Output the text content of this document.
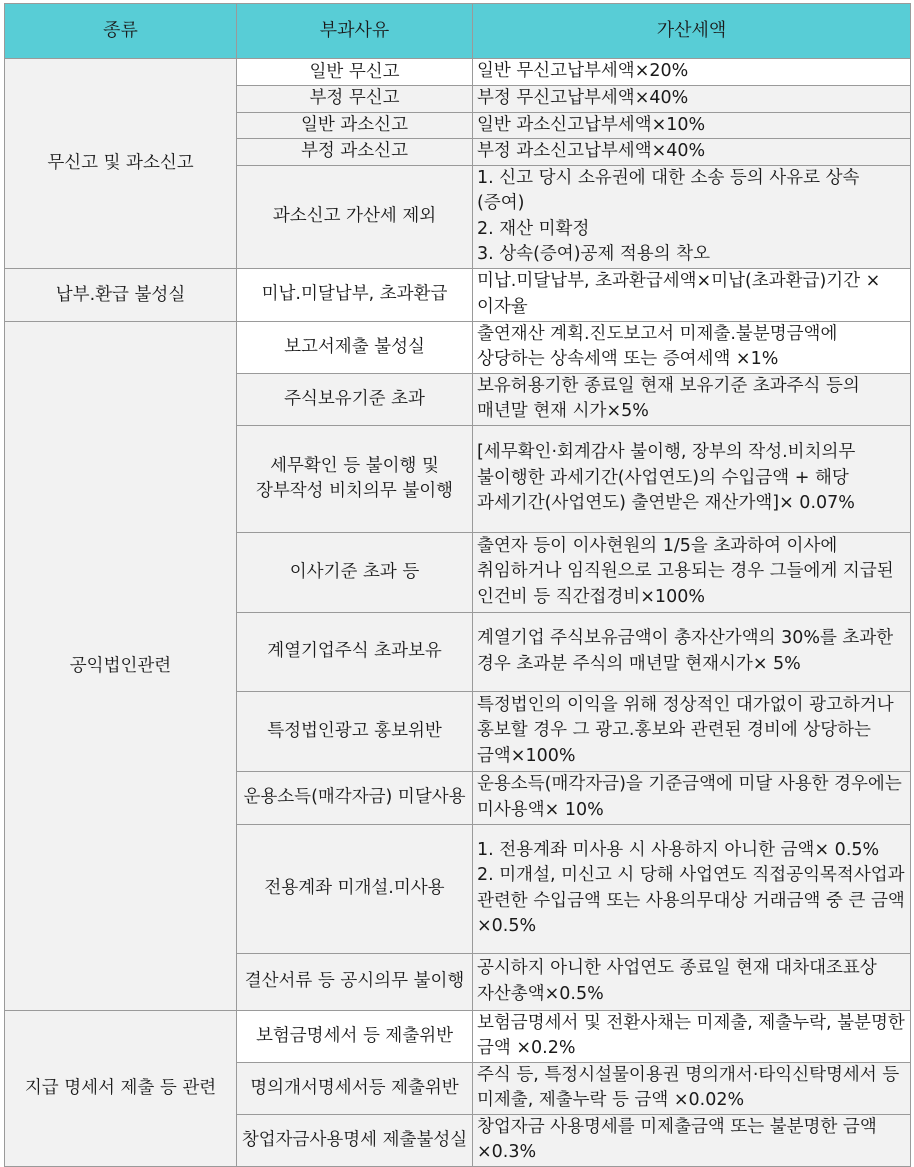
종류	부과사유	가산세액
무신고 및 과소신고	일반 무신고	일반 무신고납부세액×20%
	부정 무신고	부정 무신고납부세액×40%
	일반 과소신고	일반 과소신고납부세액×10%
	부정 과소신고	부정 과소신고납부세액×40%
	과소신고 가산세 제외	1. 신고 당시 소유권에 대한 소송 등의 사유로 상속(증여)
2. 재산 미확정
3. 상속(증여)공제 적용의 착오

납부.환급 불성실	미납.미달납부, 초과환급	미납.미달납부, 초과환급세액×미납(초과환급)기간 × 이자율
공익법인관련	보고서제출 불성실	출연재산 계획.진도보고서 미제출.불분명금액에 상당하는 상속세액 또는 증여세액 ×1%
	주식보유기준 초과	보유허용기한 종료일 현재 보유기준 초과주식 등의 매년말 현재 시가×5%
	세무확인 등 불이행 및 장부작성 비치의무 불이행	[세무확인·회계감사 불이행, 장부의 작성.비치의무 불이행한 과세기간(사업연도)의 수입금액 + 해당 과세기간(사업연도) 출연받은 재산가액]× 0.07%
	이사기준 초과 등	출연자 등이 이사현원의 1/5을 초과하여 이사에 취임하거나 임직원으로 고용되는 경우 그들에게 지급된 인건비 등 직간접경비×100%
	계열기업주식 초과보유	계열기업 주식보유금액이 총자산가액의 30%를 초과한 경우 초과분 주식의 매년말 현재시가× 5%
	특정법인광고 홍보위반	특정법인의 이익을 위해 정상적인 대가없이 광고하거나 홍보할 경우 그 광고.홍보와 관련된 경비에 상당하는 금액×100%
	운용소득(매각자금) 미달사용	운용소득(매각자금)을 기준금액에 미달 사용한 경우에는 미사용액× 10%
	전용계좌 미개설.미사용	1. 전용계좌 미사용 시 사용하지 아니한 금액× 0.5%
2. 미개설, 미신고 시 당해 사업연도 직접공익목적사업과 관련한 수입금액 또는 사용의무대상 거래금액 중 큰 금액×0.5%

	결산서류 등 공시의무 불이행	공시하지 아니한 사업연도 종료일 현재 대차대조표상 자산총액×0.5%
지급 명세서 제출 등 관련	보험금명세서 등 제출위반	보험금명세서 및 전환사채는 미제출, 제출누락, 불분명한 금액 ×0.2%
	명의개서명세서등 제출위반	주식 등, 특정시설물이용권 명의개서·타익신탁명세서 등 미제출, 제출누락 등 금액 ×0.02%
	창업자금사용명세 제출불성실	창업자금 사용명세를 미제출금액 또는 불분명한 금액×0.3%
